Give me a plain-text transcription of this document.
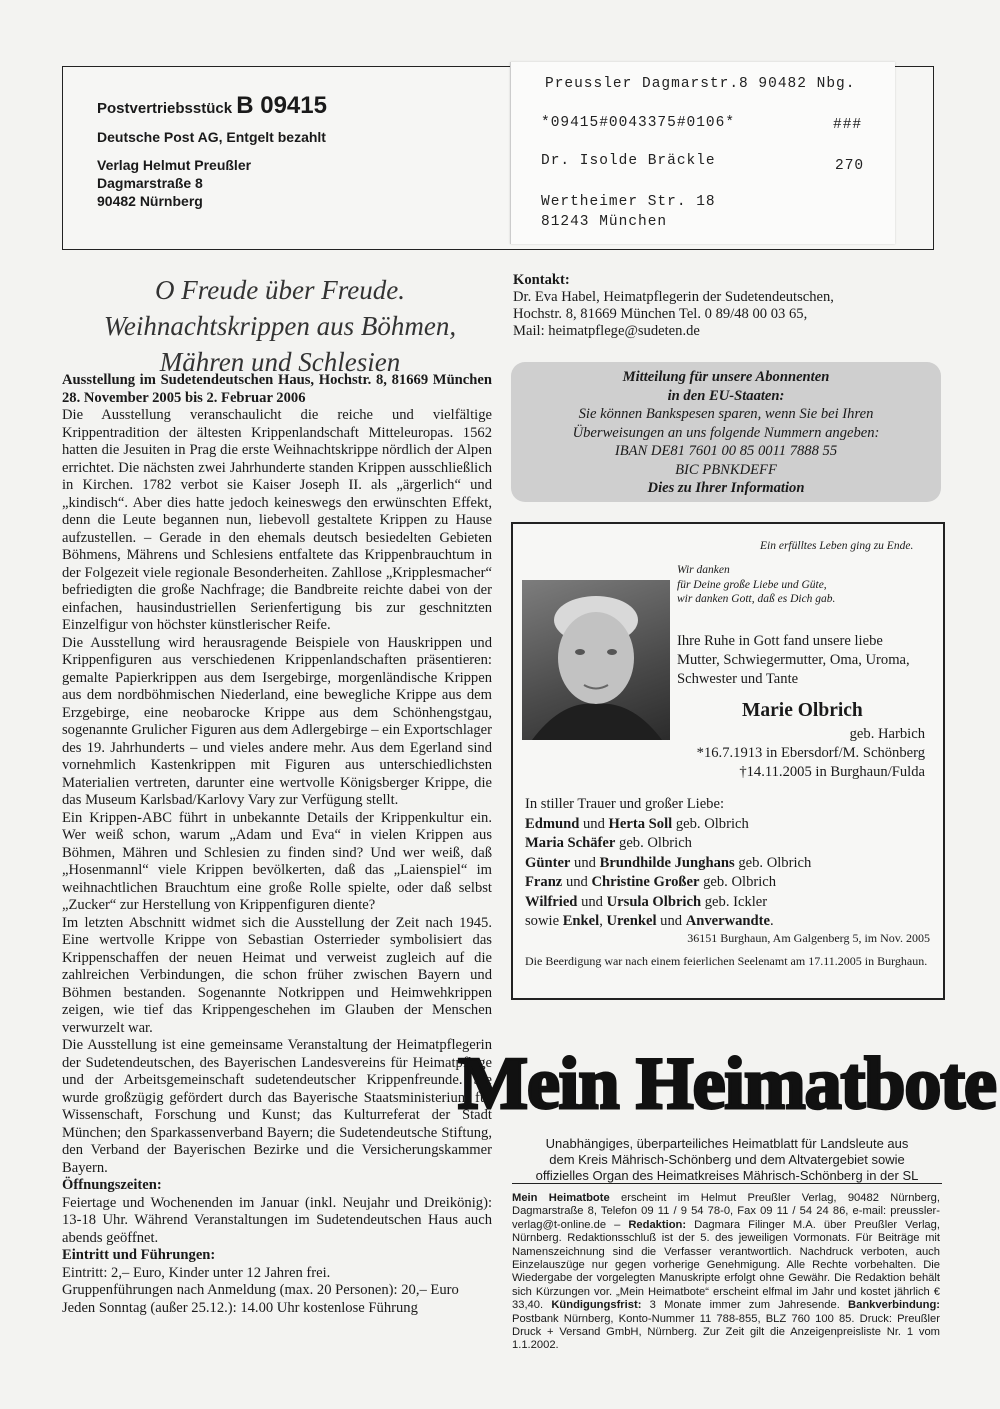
Postvertriebsstück B 09415
Deutsche Post AG, Entgelt bezahlt
Verlag Helmut Preußler
Dagmarstraße 8
90482 Nürnberg
Preussler Dagmarstr.8 90482 Nbg.
*09415#0043375#0106*	###
Dr. Isolde Bräckle	270
Wertheimer Str. 18
81243 München
O Freude über Freude.
Weihnachtskrippen aus Böhmen,
Mähren und Schlesien

Ausstellung im Sudetendeutschen Haus, Hochstr. 8, 81669 München 28. November 2005 bis 2. Februar 2006

Die Ausstellung veranschaulicht die reiche und vielfältige Krippentradition der ältesten Krippenlandschaft Mitteleuropas. 1562 hatten die Jesuiten in Prag die erste Weihnachtskrippe nördlich der Alpen errichtet. Die nächsten zwei Jahrhunderte standen Krippen ausschließlich in Kirchen. 1782 verbot sie Kaiser Joseph II. als „ärgerlich“ und „kindisch“. Aber dies hatte jedoch keineswegs den erwünschten Effekt, denn die Leute begannen nun, liebevoll gestaltete Krippen zu Hause aufzustellen. – Gerade in den ehemals deutsch besiedelten Gebieten Böhmens, Mährens und Schlesiens entfaltete das Krippenbrauchtum in der Folgezeit viele regionale Besonderheiten. Zahllose „Kripplesmacher“ befriedigten die große Nachfrage; die Bandbreite reichte dabei von der einfachen, hausindustriellen Serienfertigung bis zur geschnitzten Einzelfigur von höchster künstlerischer Reife.

Die Ausstellung wird herausragende Beispiele von Hauskrippen und Krippenfiguren aus verschiedenen Krippenlandschaften präsentieren: gemalte Papierkrippen aus dem Isergebirge, morgenländische Krippen aus dem nordböhmischen Niederland, eine bewegliche Krippe aus dem Erzgebirge, eine neobarocke Krippe aus dem Schönhengstgau, sogenannte Grulicher Figuren aus dem Adlergebirge – ein Exportschlager des 19. Jahrhunderts – und vieles andere mehr. Aus dem Egerland sind vornehmlich Kastenkrippen mit Figuren aus unterschiedlichsten Materialien vertreten, darunter eine wertvolle Königsberger Krippe, die das Museum Karlsbad/Karlovy Vary zur Verfügung stellt.

Ein Krippen-ABC führt in unbekannte Details der Krippenkultur ein. Wer weiß schon, warum „Adam und Eva“ in vielen Krippen aus Böhmen, Mähren und Schlesien zu finden sind? Und wer weiß, daß „Hosenmannl“ viele Krippen bevölkerten, daß das „Laienspiel“ im weihnachtlichen Brauchtum eine große Rolle spielte, oder daß selbst „Zucker“ zur Herstellung von Krippenfiguren diente?

Im letzten Abschnitt widmet sich die Ausstellung der Zeit nach 1945. Eine wertvolle Krippe von Sebastian Osterrieder symbolisiert das Krippenschaffen der neuen Heimat und verweist zugleich auf die zahlreichen Verbindungen, die schon früher zwischen Bayern und Böhmen bestanden. Sogenannte Notkrippen und Heimwehkrippen zeigen, wie tief das Krippengeschehen im Glauben der Menschen verwurzelt war.

Die Ausstellung ist eine gemeinsame Veranstaltung der Heimatpflegerin der Sudetendeutschen, des Bayerischen Landesvereins für Heimatpflege und der Arbeitsgemeinschaft sudetendeutscher Krippenfreunde. Sie wurde großzügig gefördert durch das Bayerische Staatsministerium für Wissenschaft, Forschung und Kunst; das Kulturreferat der Stadt München; den Sparkassenverband Bayern; die Sudetendeutsche Stiftung, den Verband der Bayerischen Bezirke und die Versicherungskammer Bayern.

Öffnungszeiten:

Feiertage und Wochenenden im Januar (inkl. Neujahr und Dreikönig): 13-18 Uhr. Während Veranstaltungen im Sudetendeutschen Haus auch abends geöffnet.

Eintritt und Führungen:

Eintritt: 2,– Euro, Kinder unter 12 Jahren frei.

Gruppenführungen nach Anmeldung (max. 20 Personen): 20,– Euro

Jeden Sonntag (außer 25.12.): 14.00 Uhr kostenlose Führung

Kontakt:
Dr. Eva Habel, Heimatpflegerin der Sudetendeutschen,
Hochstr. 8, 81669 München Tel. 0 89/48 00 03 65,
Mail: heimatpflege@sudeten.de
Mitteilung für unsere Abonnenten
in den EU-Staaten:
Sie können Bankspesen sparen, wenn Sie bei Ihren
Überweisungen an uns folgende Nummern angeben:
IBAN DE81 7601 00 85 0011 7888 55
BIC PBNKDEFF
Dies zu Ihrer Information
Ein erfülltes Leben ging zu Ende.
Wir danken
für Deine große Liebe und Güte,
wir danken Gott, daß es Dich gab.
Ihre Ruhe in Gott fand unsere liebe
Mutter, Schwiegermutter, Oma, Uroma,
Schwester und Tante
Marie Olbrich
geb. Harbich
*16.7.1913 in Ebersdorf/M. Schönberg
†14.11.2005 in Burghaun/Fulda
In stiller Trauer und großer Liebe:
Edmund und Herta Soll geb. Olbrich
Maria Schäfer geb. Olbrich
Günter und Brundhilde Junghans geb. Olbrich
Franz und Christine Großer geb. Olbrich
Wilfried und Ursula Olbrich geb. Ickler
sowie Enkel, Urenkel und Anverwandte.
36151 Burghaun, Am Galgenberg 5, im Nov. 2005
Die Beerdigung war nach einem feierlichen Seelenamt am 17.11.2005 in Burghaun.
Mein Heimatbote
Unabhängiges, überparteiliches Heimatblatt für Landsleute aus
dem Kreis Mährisch-Schönberg und dem Altvatergebiet sowie
offizielles Organ des Heimatkreises Mährisch-Schönberg in der SL

Mein Heimatbote erscheint im Helmut Preußler Verlag, 90482 Nürnberg, Dagmarstraße 8, Telefon 09 11 / 9 54 78-0, Fax 09 11 / 54 24 86, e-mail: preussler-verlag@t-online.de – Redaktion: Dagmara Filinger M.A. über Preußler Verlag, Nürnberg. Redaktionsschluß ist der 5. des jeweiligen Vormonats. Für Beiträge mit Namenszeichnung sind die Verfasser verantwortlich. Nachdruck verboten, auch Einzelauszüge nur gegen vorherige Genehmigung. Alle Rechte vorbehalten. Die Wiedergabe der vorgelegten Manuskripte erfolgt ohne Gewähr. Die Redaktion behält sich Kürzungen vor. „Mein Heimatbote“ erscheint elfmal im Jahr und kostet jährlich € 33,40. Kündigungsfrist: 3 Monate immer zum Jahresende. Bankverbindung: Postbank Nürnberg, Konto-Nummer 11 788-855, BLZ 760 100 85. Druck: Preußler Druck + Versand GmbH, Nürnberg. Zur Zeit gilt die Anzeigenpreisliste Nr. 1 vom 1.1.2002.
